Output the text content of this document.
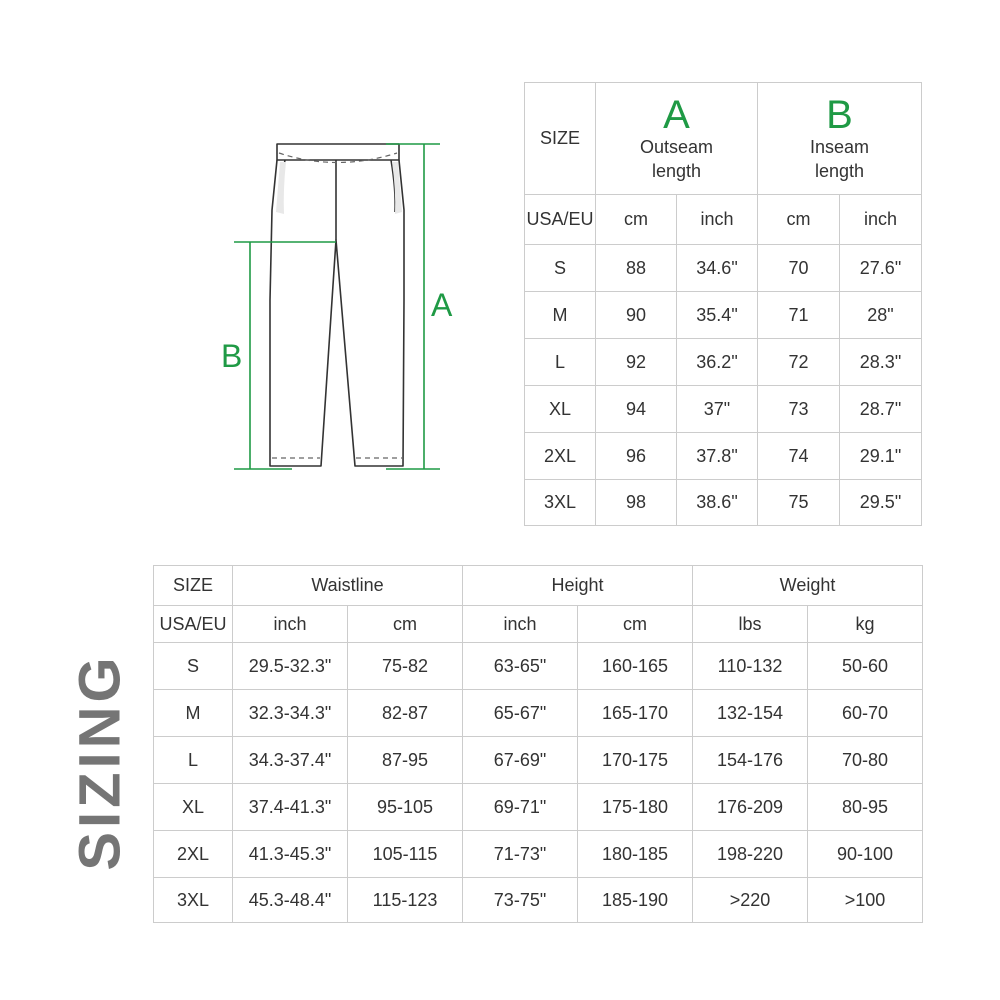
A
B
SIZE	A
Outseam
length		B
Inseam
length	

USA/EU	cm	inch	cm	inch
S	88	34.6"	70	27.6"
M	90	35.4"	71	28"
L	92	36.2"	72	28.3"
XL	94	37"	73	28.7"
2XL	96	37.8"	74	29.1"
3XL	98	38.6"	75	29.5"
SIZE	Waistline		Height		Weight	
USA/EU	inch	cm	inch	cm	lbs	kg
S	29.5-32.3"	75-82	63-65"	160-165	110-132	50-60
M	32.3-34.3"	82-87	65-67"	165-170	132-154	60-70
L	34.3-37.4"	87-95	67-69"	170-175	154-176	70-80
XL	37.4-41.3"	95-105	69-71"	175-180	176-209	80-95
2XL	41.3-45.3"	105-115	71-73"	180-185	198-220	90-100
3XL	45.3-48.4"	115-123	73-75"	185-190	>220	>100
SIZING
